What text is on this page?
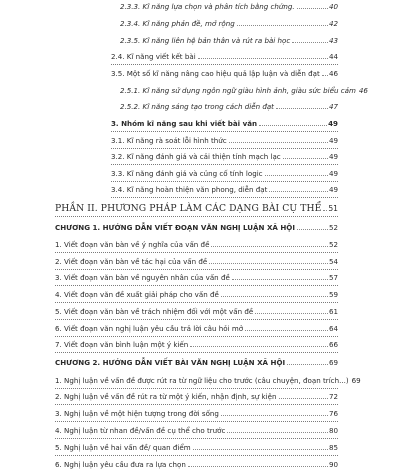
2.3.3. Kĩ năng lựa chọn và phân tích bằng chứng.	40
2.3.4. Kĩ năng phản đề, mở rộng	42
2.3.5. Kĩ năng liên hệ bản thân và rút ra bài học	43
2.4. Kĩ năng viết kết bài	44
3.5. Một số kĩ năng nâng cao hiệu quả lập luận và diễn đạt 46
2.5.1. Kĩ năng sử dụng ngôn ngữ giàu hình ảnh, giàu sức biểu cảm 46
2.5.2. Kĩ năng sáng tạo trong cách diễn đạt	47
3. Nhóm kĩ năng sau khi viết bài văn	49
3.1. Kĩ năng rà soát lỗi hình thức	49
3.2. Kĩ năng đánh giá và cải thiện tính mạch lạc	49
3.3. Kĩ năng đánh giá và củng cố tính logic	49
3.4. Kĩ năng hoàn thiện văn phong, diễn đạt	49
PHẦN II. PHƯƠNG PHÁP LÀM CÁC DẠNG BÀI CỤ THỂ 51
CHƯƠNG 1. HƯỚNG DẪN VIẾT ĐOẠN VĂN NGHỊ LUẬN XÃ HỘI	52
1. Viết đoạn văn bàn về ý nghĩa của vấn đề	52
2. Viết đoạn văn bàn về tác hại của vấn đề	54
3. Viết đoạn văn bàn về nguyên nhân của vấn đề	57
4. Viết đoạn văn đề xuất giải pháp cho vấn đề	59
5. Viết đoạn văn bàn về trách nhiệm đối với một vấn đề	61
6. Viết đoạn văn nghị luận yêu cầu trả lời câu hỏi mở	64
7. Viết đoạn văn bình luận một ý kiến	66
CHƯƠNG 2. HƯỚNG DẪN VIẾT BÀI VĂN NGHỊ LUẬN XÃ HỘI	69
1. Nghị luận về vấn đề được rút ra từ ngữ liệu cho trước (câu chuyện, đoạn trích...) 69
2. Nghị luận về vấn đề rút ra từ một ý kiến, nhận định, sự kiện	72
3. Nghị luận về một hiện tượng trong đời sống	76
4. Nghị luận từ nhan đề/vấn đề cụ thể cho trước	80
5. Nghị luận về hai vấn đề/ quan điểm	85
6. Nghị luận yêu cầu đưa ra lựa chọn	90
